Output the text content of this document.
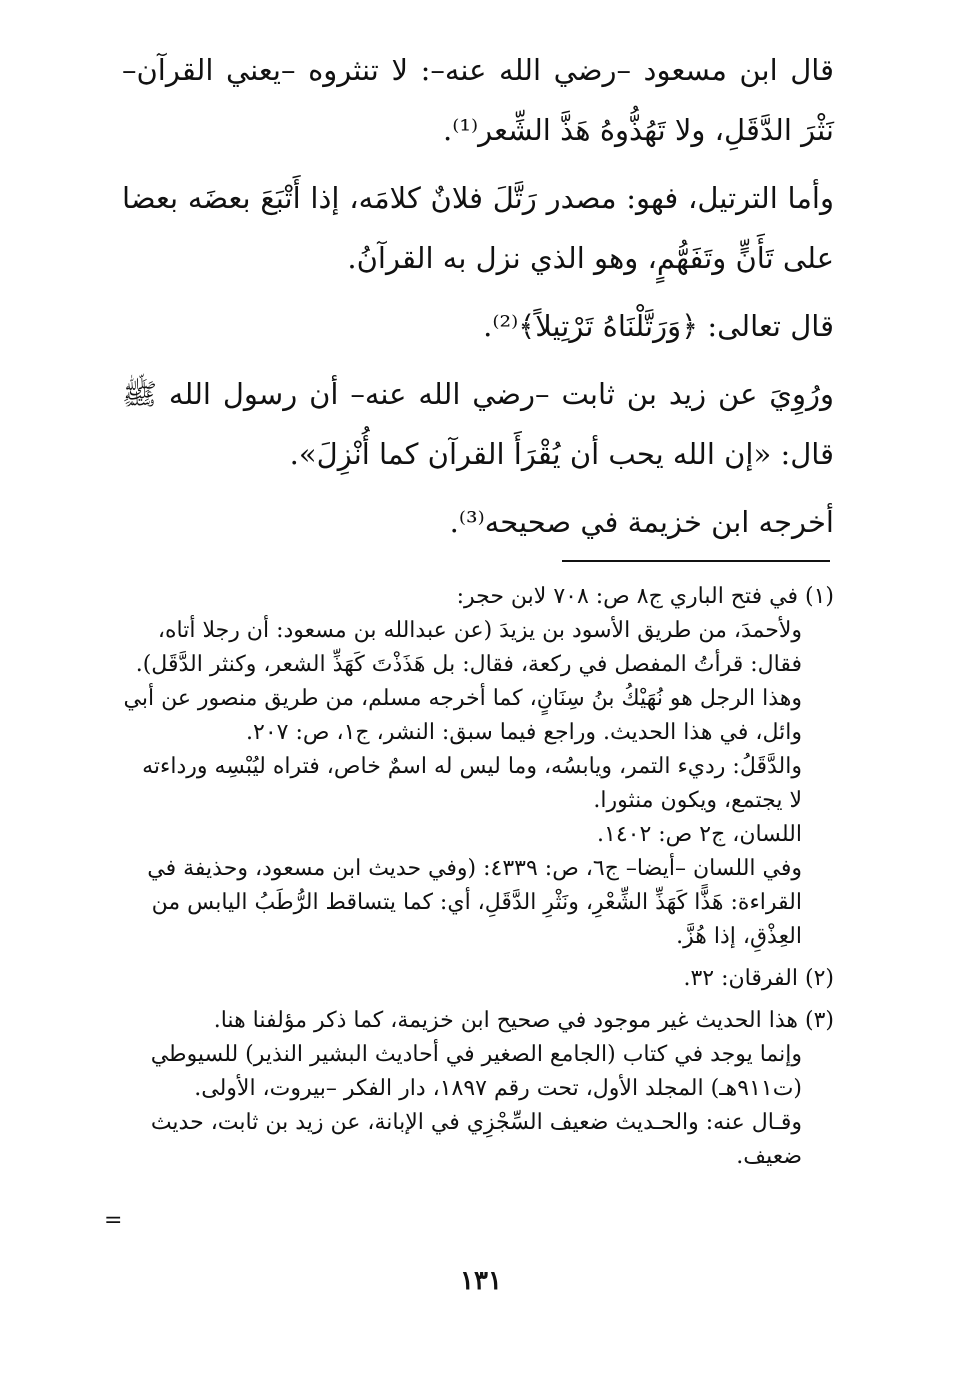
قال ابن مسعود –رضي الله عنه–: لا تنثروه –يعني القرآن– نَثْرَ الدَّقَلِ، ولا تَهُذُّوهُ هَذَّ الشِّعر⁽¹⁾.

وأما الترتيل، فهو: مصدر رَتَّلَ فلانٌ كلامَه، إذا أَتْبَعَ بعضَه بعضا على تَأَنٍّ وتَفَهُّمٍ، وهو الذي نزل به القرآنُ.

قال تعالى: ﴿وَرَتَّلْنَاهُ تَرْتِيلاً﴾⁽²⁾.

ورُوِيَ عن زيد بن ثابت –رضي الله عنه– أن رسول الله ﷺ قال: «إن الله يحب أن يُقْرَأَ القرآن كما أُنْزِلَ».

أخرجه ابن خزيمة في صحيحه⁽³⁾.

(١) في فتح الباري ج٨ ص: ٧٠٨ لابن حجر:

ولأحمدَ، من طريق الأسود بن يزيدَ (عن عبدالله بن مسعود: أن رجلا أتاه،

فقال: قرأتُ المفصل في ركعة، فقال: بل هَذَذْتَ كَهَذِّ الشعر، وكنثر الدَّقَل).

وهذا الرجل هو نُهَيْكُ بنُ سِنَانٍ، كما أخرجه مسلم، من طريق منصور عن أبي

وائل، في هذا الحديث. وراجع فيما سبق: النشر، ج١، ص: ٢٠٧.

والدَّقَلُ: رديء التمر، ويابسُه، وما ليس له اسمٌ خاص، فتراه ليُبْسِه ورداءته

لا يجتمع، ويكون منثورا.

اللسان، ج٢ ص: ١٤٠٢.

وفي اللسان –أيضا– ج٦، ص: ٤٣٣٩: (وفي حديث ابن مسعود، وحذيفة في

القراءة: هَذًّا كَهَذِّ الشِّعْرِ، ونَثْرِ الدَّقَلِ، أي: كما يتساقط الرُّطَبُ اليابس من

العِذْقِ، إذا هُزَّ.

(٢) الفرقان: ٣٢.

(٣) هذا الحديث غير موجود في صحيح ابن خزيمة، كما ذكر مؤلفنا هنا.

وإنما يوجد في كتاب (الجامع الصغير في أحاديث البشير النذير) للسيوطي

(ت٩١١هـ) المجلد الأول، تحت رقم ١٨٩٧، دار الفكر –بيروت، الأولى.

وقـال عنه: والحـديث ضعيف السِّجْزِي في الإبانة، عن زيد بن ثابت، حديث

ضعيف.

=
١٣١
